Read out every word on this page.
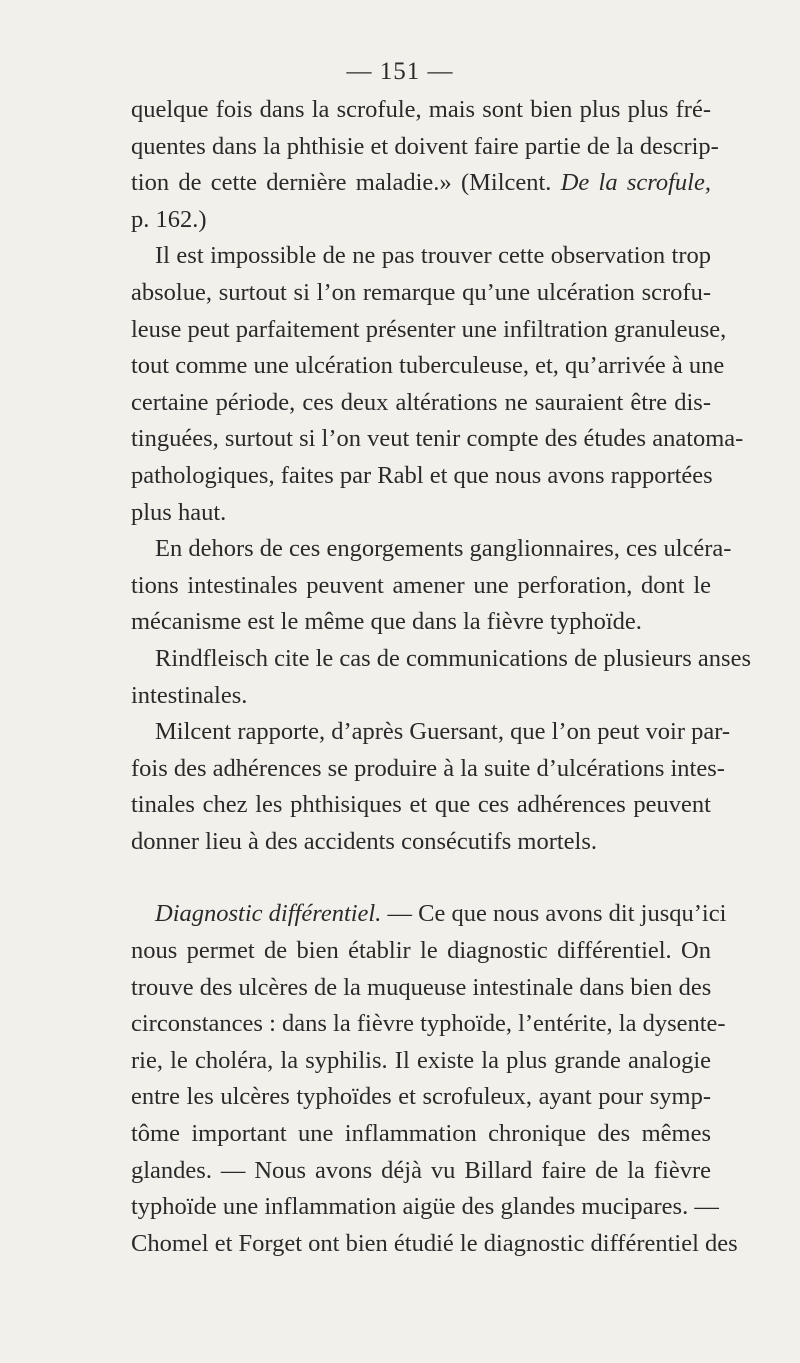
— 151 —
quelque fois dans la scrofule, mais sont bien plus plus fré-
quentes dans la phthisie et doivent faire partie de la descrip-
tion de cette dernière maladie.» (Milcent. De la scrofule,
p. 162.)
Il est impossible de ne pas trouver cette observation trop
absolue, surtout si l’on remarque qu’une ulcération scrofu-
leuse peut parfaitement présenter une infiltration granuleuse,
tout comme une ulcération tuberculeuse, et, qu’arrivée à une
certaine période, ces deux altérations ne sauraient être dis-
tinguées, surtout si l’on veut tenir compte des études anatoma-
pathologiques, faites par Rabl et que nous avons rapportées
plus haut.
En dehors de ces engorgements ganglionnaires, ces ulcéra-
tions intestinales peuvent amener une perforation, dont le
mécanisme est le même que dans la fièvre typhoïde.
Rindfleisch cite le cas de communications de plusieurs anses
intestinales.
Milcent rapporte, d’après Guersant, que l’on peut voir par-
fois des adhérences se produire à la suite d’ulcérations intes-
tinales chez les phthisiques et que ces adhérences peuvent
donner lieu à des accidents consécutifs mortels.
Diagnostic différentiel. — Ce que nous avons dit jusqu’ici
nous permet de bien établir le diagnostic différentiel. On
trouve des ulcères de la muqueuse intestinale dans bien des
circonstances : dans la fièvre typhoïde, l’entérite, la dysente-
rie, le choléra, la syphilis. Il existe la plus grande analogie
entre les ulcères typhoïdes et scrofuleux, ayant pour symp-
tôme important une inflammation chronique des mêmes
glandes. — Nous avons déjà vu Billard faire de la fièvre
typhoïde une inflammation aigüe des glandes mucipares. —
Chomel et Forget ont bien étudié le diagnostic différentiel des
